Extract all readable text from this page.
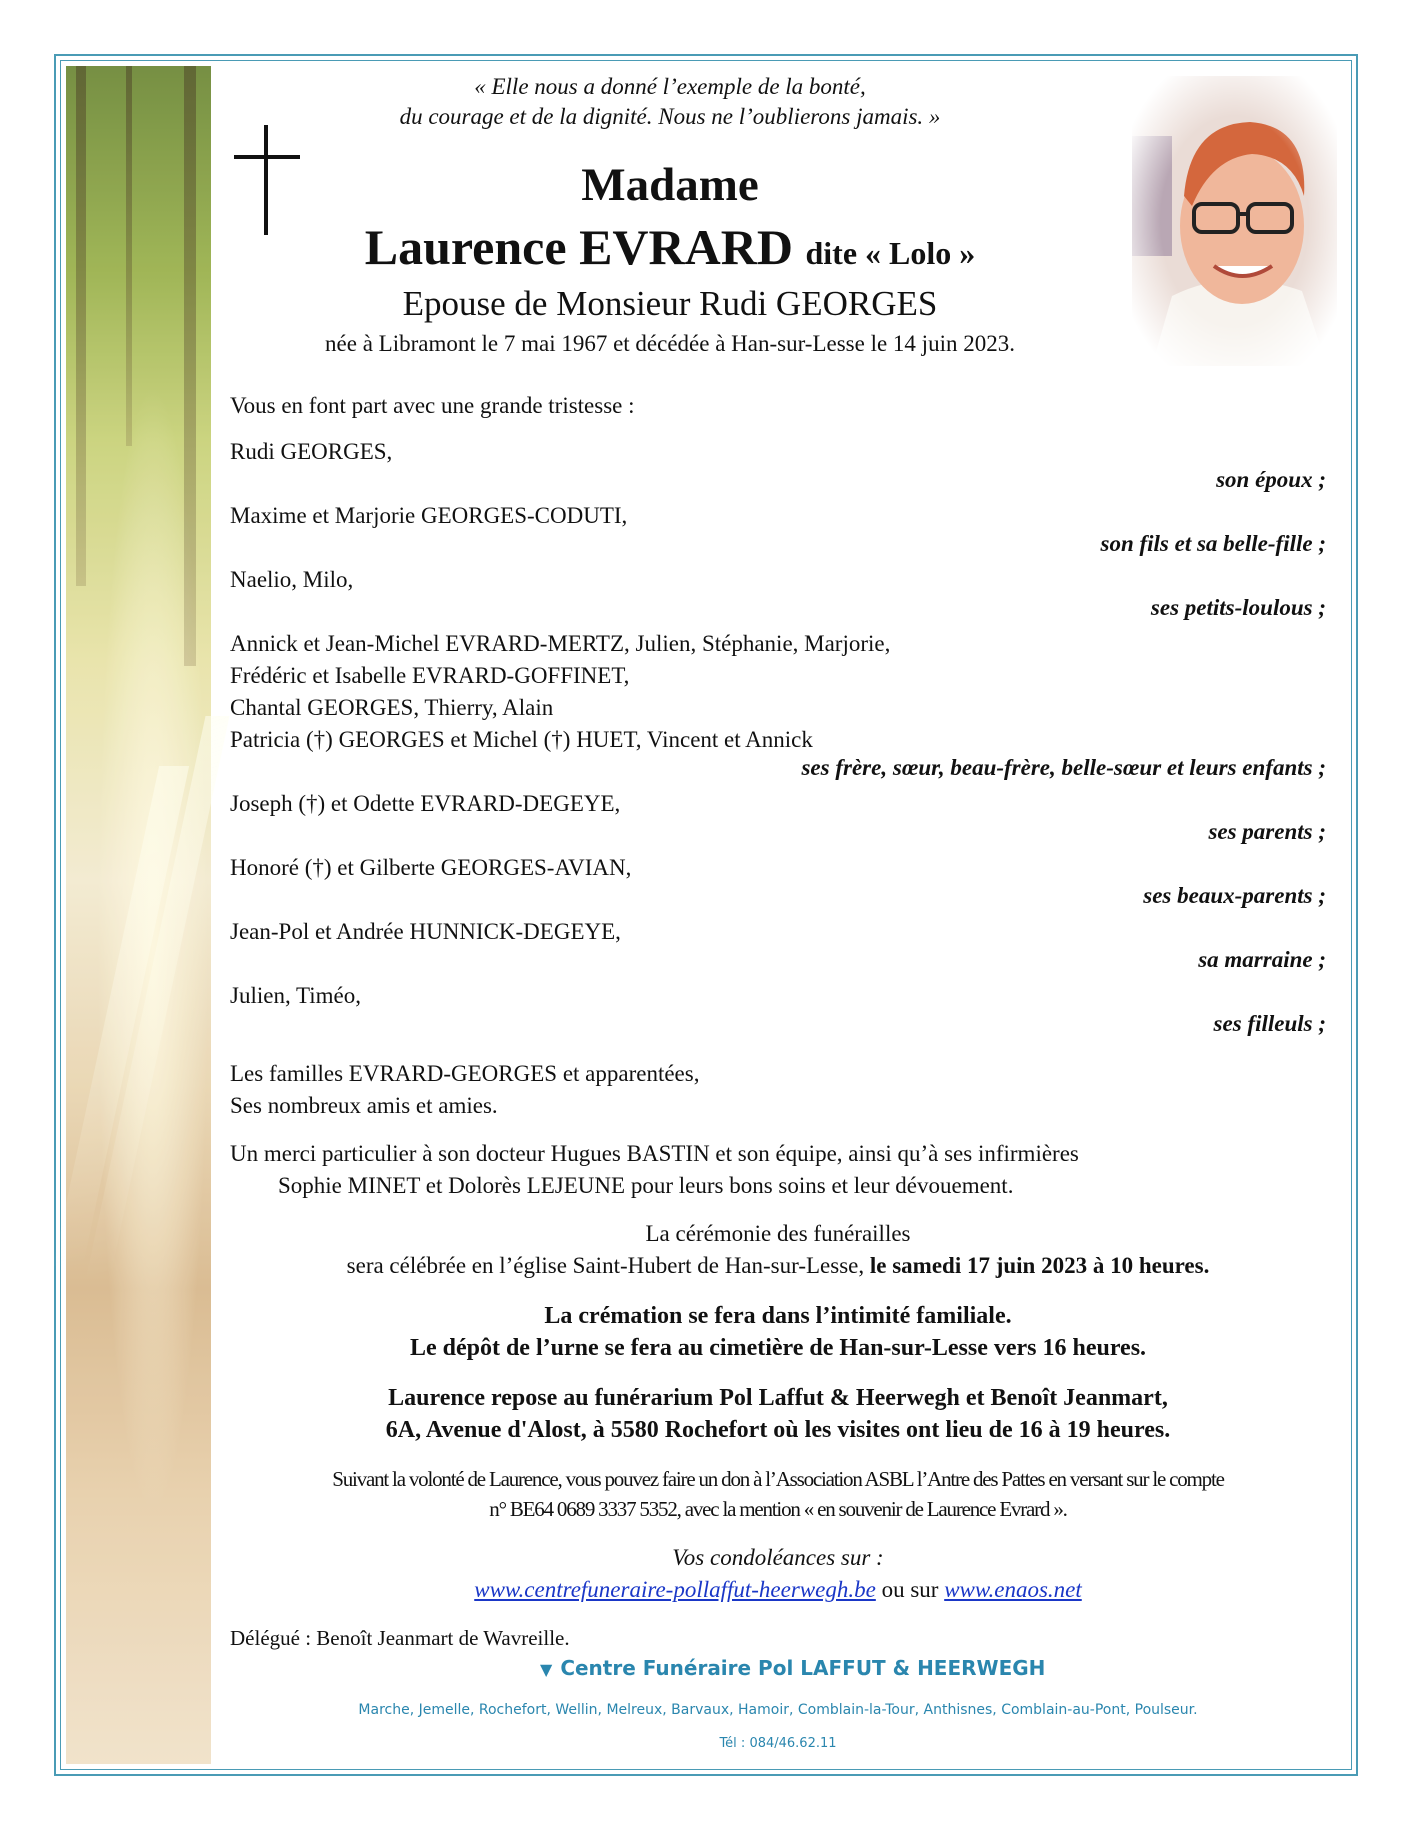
« Elle nous a donné l’exemple de la bonté,
du courage et de la dignité. Nous ne l’oublierons jamais. »
Madame
Laurence EVRARD dite « Lolo »
Epouse de Monsieur Rudi GEORGES
née à Libramont le 7 mai 1967 et décédée à Han-sur-Lesse le 14 juin 2023.
Vous en font part avec une grande tristesse :
Rudi GEORGES,
son époux ;
Maxime et Marjorie GEORGES-CODUTI,
son fils et sa belle-fille ;
Naelio, Milo,
ses petits-loulous ;
Annick et Jean-Michel EVRARD-MERTZ, Julien, Stéphanie, Marjorie,
Frédéric et Isabelle EVRARD-GOFFINET,
Chantal GEORGES, Thierry, Alain
Patricia (†) GEORGES et Michel (†) HUET, Vincent et Annick
ses frère, sœur, beau-frère, belle-sœur et leurs enfants ;
Joseph (†) et Odette EVRARD-DEGEYE,
ses parents ;
Honoré (†) et Gilberte GEORGES-AVIAN,
ses beaux-parents ;
Jean-Pol et Andrée HUNNICK-DEGEYE,
sa marraine ;
Julien, Timéo,
ses filleuls ;
Les familles EVRARD-GEORGES et apparentées,
Ses nombreux amis et amies.
Un merci particulier à son docteur Hugues BASTIN et son équipe, ainsi qu’à ses infirmières
Sophie MINET et Dolorès LEJEUNE pour leurs bons soins et leur dévouement.
La cérémonie des funérailles
sera célébrée en l’église Saint-Hubert de Han-sur-Lesse, le samedi 17 juin 2023 à 10 heures.
La crémation se fera dans l’intimité familiale.
Le dépôt de l’urne se fera au cimetière de Han-sur-Lesse vers 16 heures.
Laurence repose au funérarium Pol Laffut & Heerwegh et Benoît Jeanmart,
6A, Avenue d'Alost, à 5580 Rochefort où les visites ont lieu de 16 à 19 heures.
Suivant la volonté de Laurence, vous pouvez faire un don à l’Association ASBL l’Antre des Pattes en versant sur le compte
n° BE64 0689 3337 5352, avec la mention « en souvenir de Laurence Evrard ».
Vos condoléances sur :
www.centrefuneraire-pollaffut-heerwegh.be ou sur www.enaos.net
Délégué : Benoît Jeanmart de Wavreille.
▼ Centre Funéraire Pol LAFFUT & HEERWEGH
Marche, Jemelle, Rochefort, Wellin, Melreux, Barvaux, Hamoir, Comblain-la-Tour, Anthisnes, Comblain-au-Pont, Poulseur.
Tél : 084/46.62.11
